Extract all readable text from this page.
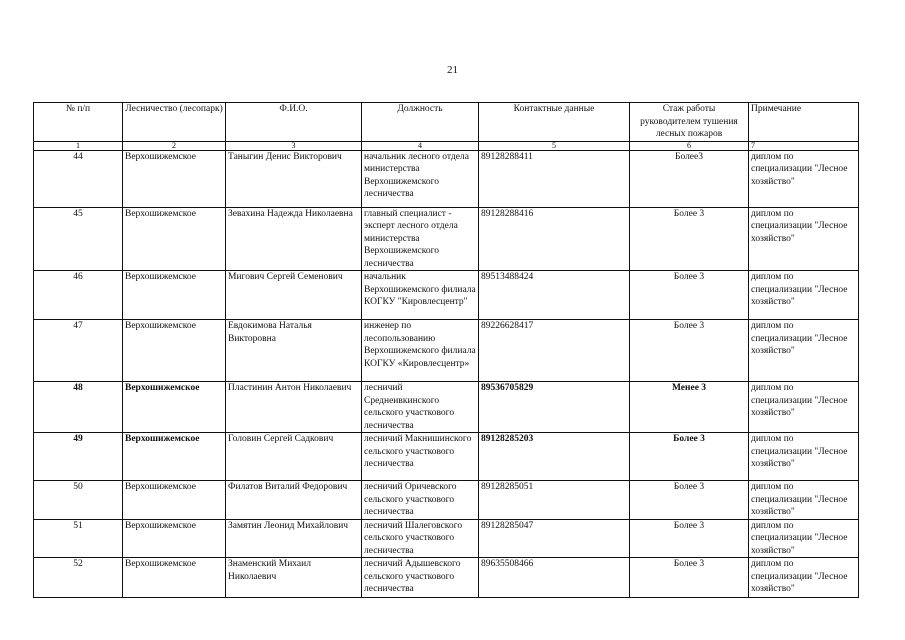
21
№ п/п	Лесничество (лесопарк)	Ф.И.О.	Должность	Контактные данные	Стаж работы руководителем тушения лесных пожаров	Примечание
1	2	3	4	5	6	7
44	Верхошижемское	Таныгин Денис Викторович	начальник лесного отдела министерства Верхошижемского лесничества	89128288411	Более3	диплом по специализации "Лесное хозяйство"
45	Верхошижемское	Зевахина Надежда Николаевна	главный специалист - эксперт лесного отдела министерства Верхошижемского лесничества	89128288416	Более 3	диплом по специализации "Лесное хозяйство"
46	Верхошижемское	Мигович Сергей Семенович	начальник Верхошижемского филиала КОГКУ "Кировлесцентр"	89513488424	Более 3	диплом по специализации "Лесное хозяйство"
47	Верхошижемское	Евдокимова Наталья Викторовна	инженер по лесопользованию Верхошижемского филиала КОГКУ «Кировлесцентр»	89226628417	Более 3	диплом по специализации "Лесное хозяйство"
48	Верхошижемское	Пластинин Антон Николаевич	лесничий Среднеивкинского сельского участкового лесничества	89536705829	Менее 3	диплом по специализации "Лесное хозяйство"
49	Верхошижемское	Головин Сергей Садкович	лесничий Макнишинского сельского участкового лесничества	89128285203	Более 3	диплом по специализации "Лесное хозяйство"
50	Верхошижемское	Филатов Виталий Федорович	лесничий Оричевского сельского участкового лесничества	89128285051	Более 3	диплом по специализации "Лесное хозяйство"
51	Верхошижемское	Замятин Леонид Михайлович	лесничий Шалеговского сельского участкового лесничества	89128285047	Более 3	диплом по специализации "Лесное хозяйство"
52	Верхошижемское	Знаменский Михаил Николаевич	лесничий Адышевского сельского участкового лесничества	89635508466	Более 3	диплом по специализации "Лесное хозяйство"
